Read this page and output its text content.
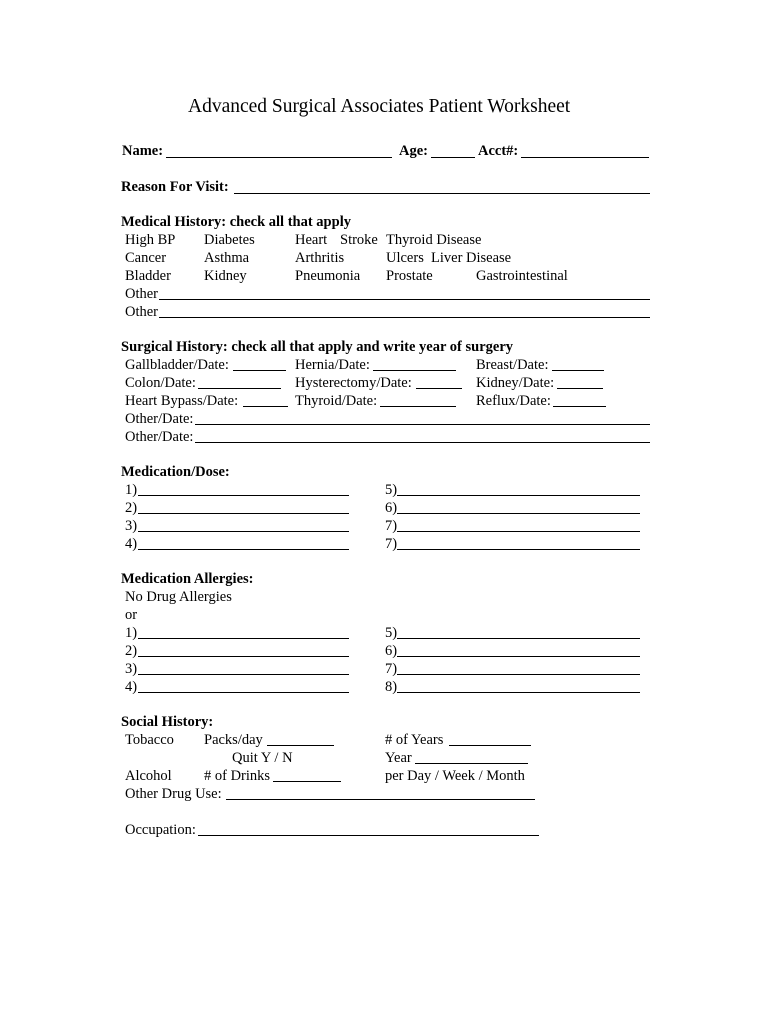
Advanced Surgical Associates Patient Worksheet
Name:	Age:	Acct#:
Reason For Visit:
Medical History: check all that apply
High BP Diabetes	Heart Stroke Thyroid Disease
Cancer	Asthma	Arthritis	Ulcers Liver Disease
Bladder Kidney	Pneumonia Prostate	Gastrointestinal
Other
Other
Surgical History: check all that apply and write year of surgery
Gallbladder/Date:	Hernia/Date:	Breast/Date:
Colon/Date:	Hysterectomy/Date:	Kidney/Date:
Heart Bypass/Date:	Thyroid/Date:	Reflux/Date:
Other/Date:
Other/Date:
Medication/Dose:
1)	5)
2)	6)
3)	7)
4)	7)
Medication Allergies:
No Drug Allergies
or
1)	5)
2)	6)
3)	7)
4)	8)
Social History:
Tobacco Packs/day	# of Years
Quit Y / N	Year
Alcohol # of Drinks	per Day / Week / Month
Other Drug Use:
Occupation:
